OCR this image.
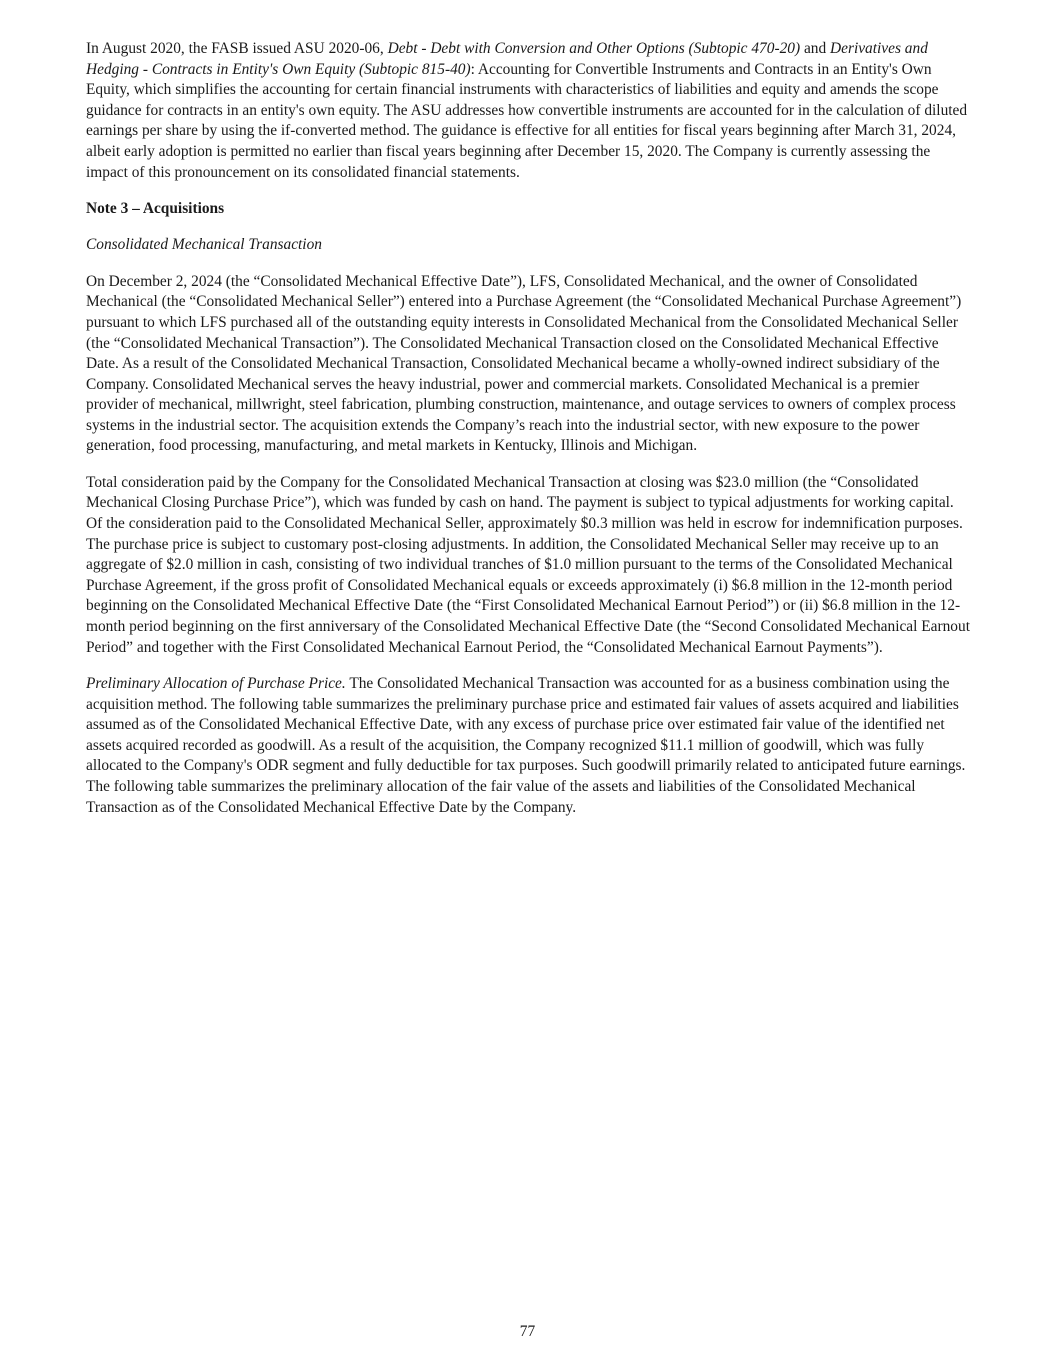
In August 2020, the FASB issued ASU 2020-06, Debt - Debt with Conversion and Other Options (Subtopic 470-20) and Derivatives and Hedging - Contracts in Entity's Own Equity (Subtopic 815-40): Accounting for Convertible Instruments and Contracts in an Entity's Own Equity, which simplifies the accounting for certain financial instruments with characteristics of liabilities and equity and amends the scope guidance for contracts in an entity's own equity. The ASU addresses how convertible instruments are accounted for in the calculation of diluted earnings per share by using the if-converted method. The guidance is effective for all entities for fiscal years beginning after March 31, 2024, albeit early adoption is permitted no earlier than fiscal years beginning after December 15, 2020. The Company is currently assessing the impact of this pronouncement on its consolidated financial statements.

Note 3 – Acquisitions

Consolidated Mechanical Transaction

On December 2, 2024 (the “Consolidated Mechanical Effective Date”), LFS, Consolidated Mechanical, and the owner of Consolidated Mechanical (the “Consolidated Mechanical Seller”) entered into a Purchase Agreement (the “Consolidated Mechanical Purchase Agreement”) pursuant to which LFS purchased all of the outstanding equity interests in Consolidated Mechanical from the Consolidated Mechanical Seller (the “Consolidated Mechanical Transaction”). The Consolidated Mechanical Transaction closed on the Consolidated Mechanical Effective Date. As a result of the Consolidated Mechanical Transaction, Consolidated Mechanical became a wholly-owned indirect subsidiary of the Company. Consolidated Mechanical serves the heavy industrial, power and commercial markets. Consolidated Mechanical is a premier provider of mechanical, millwright, steel fabrication, plumbing construction, maintenance, and outage services to owners of complex process systems in the industrial sector. The acquisition extends the Company’s reach into the industrial sector, with new exposure to the power generation, food processing, manufacturing, and metal markets in Kentucky, Illinois and Michigan.

Total consideration paid by the Company for the Consolidated Mechanical Transaction at closing was $23.0 million (the “Consolidated Mechanical Closing Purchase Price”), which was funded by cash on hand. The payment is subject to typical adjustments for working capital. Of the consideration paid to the Consolidated Mechanical Seller, approximately $0.3 million was held in escrow for indemnification purposes. The purchase price is subject to customary post-closing adjustments. In addition, the Consolidated Mechanical Seller may receive up to an aggregate of $2.0 million in cash, consisting of two individual tranches of $1.0 million pursuant to the terms of the Consolidated Mechanical Purchase Agreement, if the gross profit of Consolidated Mechanical equals or exceeds approximately (i) $6.8 million in the 12-month period beginning on the Consolidated Mechanical Effective Date (the “First Consolidated Mechanical Earnout Period”) or (ii) $6.8 million in the 12-month period beginning on the first anniversary of the Consolidated Mechanical Effective Date (the “Second Consolidated Mechanical Earnout Period” and together with the First Consolidated Mechanical Earnout Period, the “Consolidated Mechanical Earnout Payments”).

Preliminary Allocation of Purchase Price. The Consolidated Mechanical Transaction was accounted for as a business combination using the acquisition method. The following table summarizes the preliminary purchase price and estimated fair values of assets acquired and liabilities assumed as of the Consolidated Mechanical Effective Date, with any excess of purchase price over estimated fair value of the identified net assets acquired recorded as goodwill. As a result of the acquisition, the Company recognized $11.1 million of goodwill, which was fully allocated to the Company's ODR segment and fully deductible for tax purposes. Such goodwill primarily related to anticipated future earnings. The following table summarizes the preliminary allocation of the fair value of the assets and liabilities of the Consolidated Mechanical Transaction as of the Consolidated Mechanical Effective Date by the Company.

77
